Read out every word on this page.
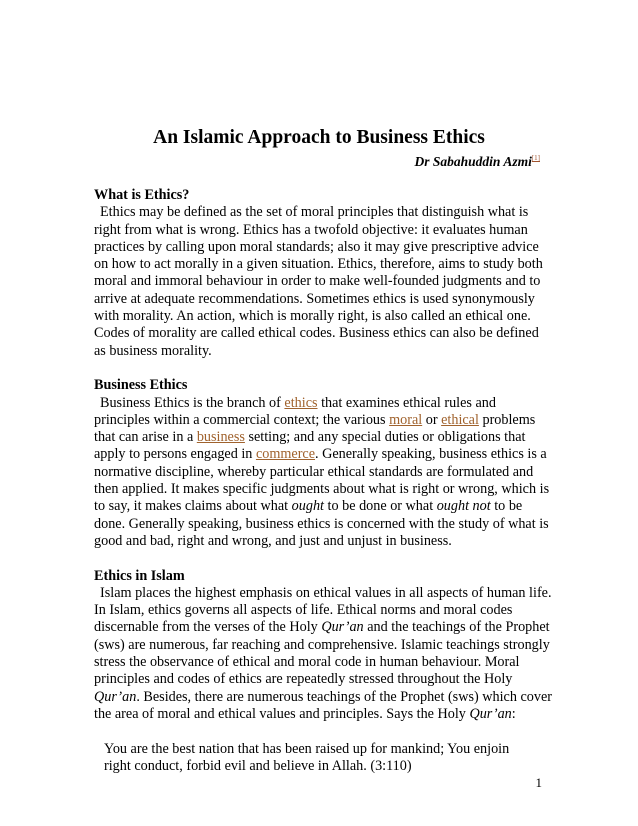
An Islamic Approach to Business Ethics
Dr Sabahuddin Azmi[1]
What is Ethics?
Ethics may be defined as the set of moral principles that distinguish what is right from what is wrong. Ethics has a twofold objective: it evaluates human practices by calling upon moral standards; also it may give prescriptive advice on how to act morally in a given situation. Ethics, therefore, aims to study both moral and immoral behaviour in order to make well-founded judgments and to arrive at adequate recommendations. Sometimes ethics is used synonymously with morality. An action, which is morally right, is also called an ethical one. Codes of morality are called ethical codes. Business ethics can also be defined as business morality.
Business Ethics
Business Ethics is the branch of ethics that examines ethical rules and principles within a commercial context; the various moral or ethical problems that can arise in a business setting; and any special duties or obligations that apply to persons engaged in commerce. Generally speaking, business ethics is a normative discipline, whereby particular ethical standards are formulated and then applied. It makes specific judgments about what is right or wrong, which is to say, it makes claims about what ought to be done or what ought not to be done. Generally speaking, business ethics is concerned with the study of what is good and bad, right and wrong, and just and unjust in business.
Ethics in Islam
Islam places the highest emphasis on ethical values in all aspects of human life. In Islam, ethics governs all aspects of life. Ethical norms and moral codes discernable from the verses of the Holy Qur’an and the teachings of the Prophet (sws) are numerous, far reaching and comprehensive. Islamic teachings strongly stress the observance of ethical and moral code in human behaviour. Moral principles and codes of ethics are repeatedly stressed throughout the Holy Qur’an. Besides, there are numerous teachings of the Prophet (sws) which cover the area of moral and ethical values and principles. Says the Holy Qur’an:
You are the best nation that has been raised up for mankind; You enjoin right conduct, forbid evil and believe in Allah. (3:110)
1
